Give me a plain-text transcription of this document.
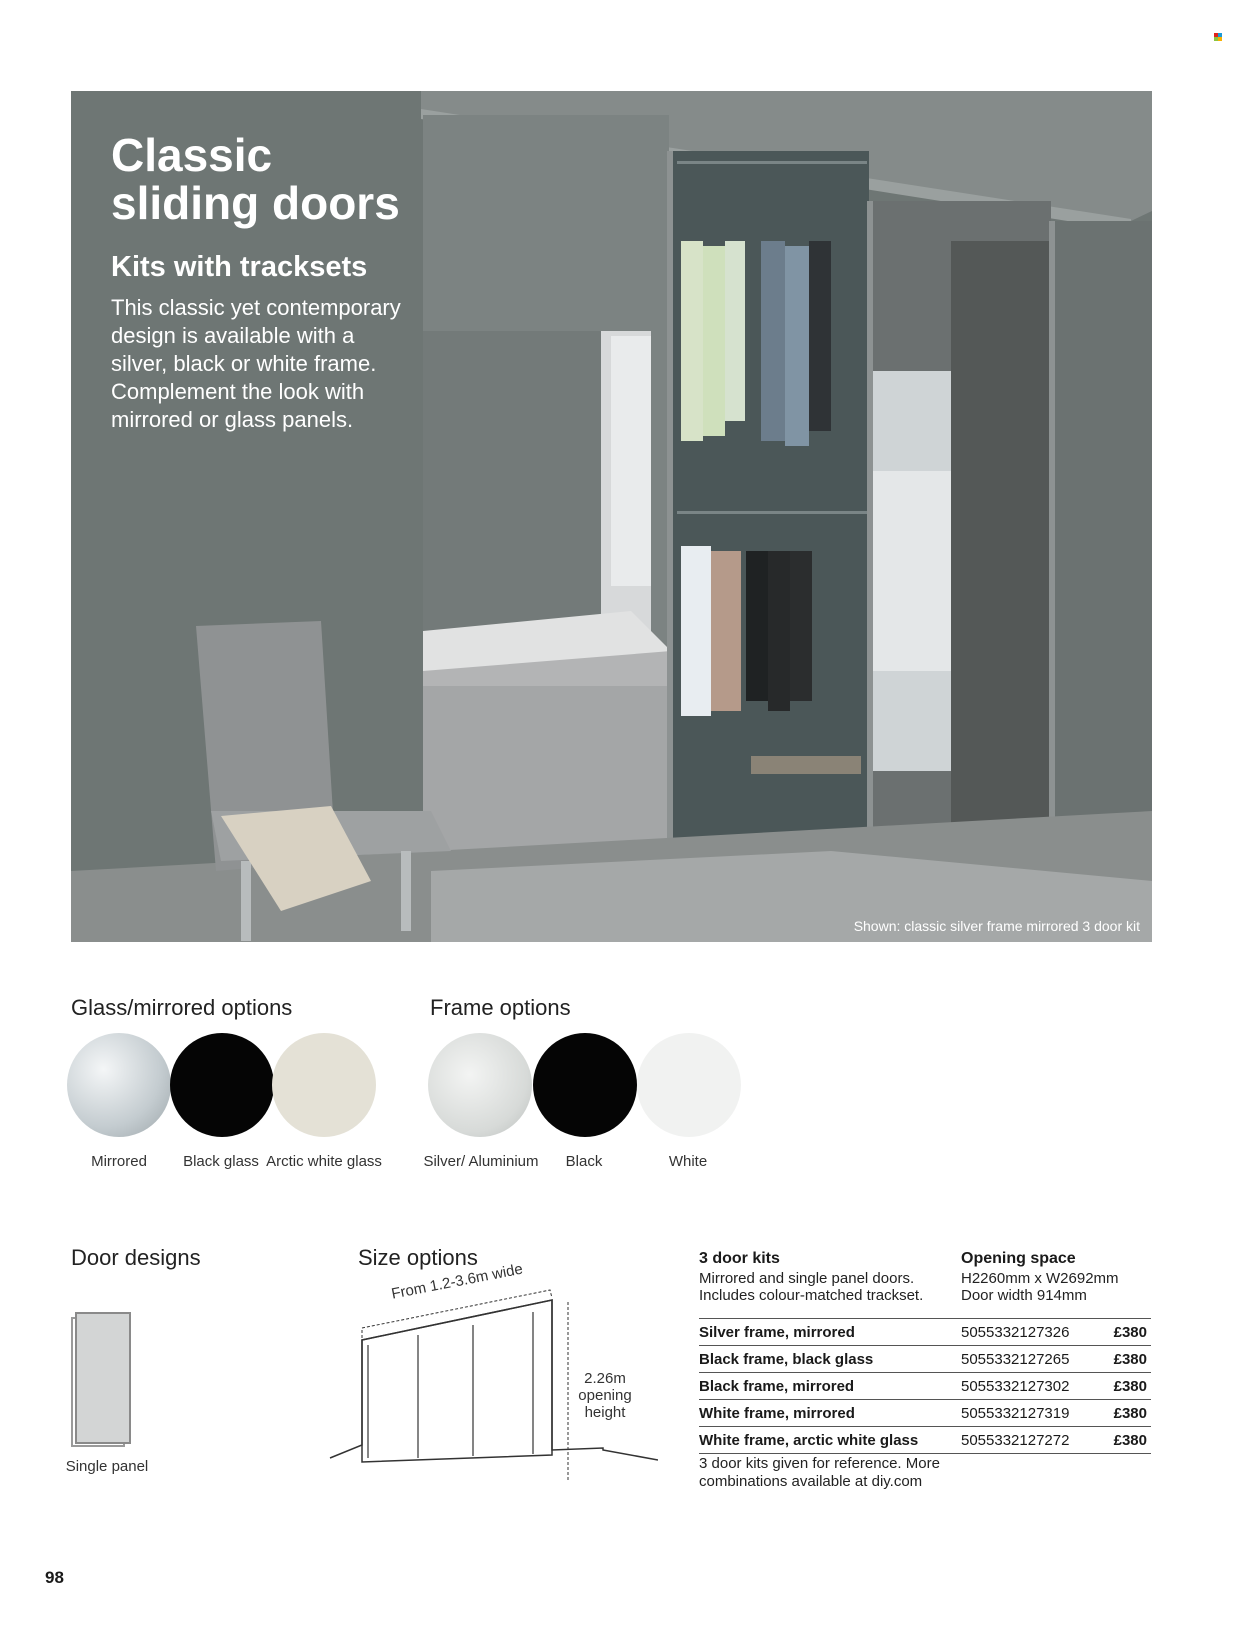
Classic sliding doors
Kits with tracksets

This classic yet contemporary design is available with a silver, black or white frame. Complement the look with mirrored or glass panels.

Shown: classic silver frame mirrored 3 door kit
Glass/mirrored options
Mirrored	Black glass Arctic white glass
Frame options
Silver/ Aluminium	Black	White
Door designs
Single panel
Size options
From 1.2-3.6m wide
2.26m opening height
3 door kits
Mirrored and single panel doors. Includes colour-matched trackset.
Opening space
H2260mm x W2692mm Door width 914mm
Silver frame, mirrored	5055332127326	£380
Black frame, black glass	5055332127265	£380
Black frame, mirrored	5055332127302	£380
White frame, mirrored	5055332127319	£380
White frame, arctic white glass	5055332127272	£380
3 door kits given for reference. More combinations available at diy.com
98
